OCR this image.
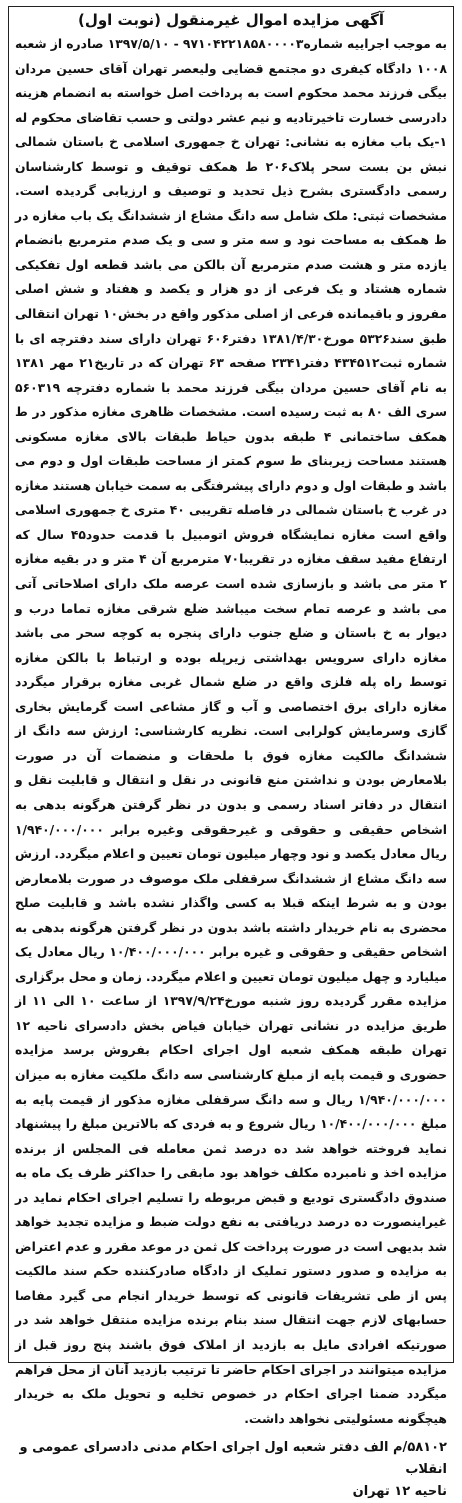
آگهی مزایده اموال غیرمنقول (نوبت اول)

به موجب اجراییه شماره۹۷۱۰۴۲۲۱۸۵۸۰۰۰۰۳ - ۱۳۹۷/۵/۱۰ صادره از شعبه ۱۰۰۸ دادگاه کیفری دو مجتمع قضایی ولیعصر تهران آقای حسین مردان بیگی فرزند محمد محکوم است به پرداخت اصل خواسته به انضمام هزینه دادرسی خسارت تاخیرتادیه و نیم عشر دولتی و حسب تقاضای محکوم له ۱-یک باب مغازه به نشانی: تهران خ جمهوری اسلامی خ باستان شمالی نبش بن بست سحر پلاک۲۰۶ ط همکف توقیف و توسط کارشناسان رسمی دادگستری بشرح ذیل تحدید و توصیف و ارزیابی گردیده است. مشخصات ثبتی: ملک شامل سه دانگ مشاع از ششدانگ یک باب مغازه در ط همکف به مساحت نود و سه متر و سی و یک صدم مترمربع بانضمام یازده متر و هشت صدم مترمربع آن بالکن می باشد قطعه اول تفکیکی شماره هشتاد و یک فرعی از دو هزار و یکصد و هفتاد و شش اصلی مفروز و باقیمانده فرعی از اصلی مذکور واقع در بخش۱۰ تهران انتقالی طبق سند۵۳۲۶ مورخ۱۳۸۱/۴/۳۰ دفتر۶۰۶ تهران دارای سند دفترچه ای با شماره ثبت۴۳۴۵۱۲ دفتر۲۳۴۱ صفحه ۶۳ تهران که در تاریخ۲۱ مهر ۱۳۸۱ به نام آقای حسین مردان بیگی فرزند محمد با شماره دفترچه ۵۶۰۳۱۹ سری الف ۸۰ به ثبت رسیده است. مشخصات ظاهری مغازه مذکور در ط همکف ساختمانی ۴ طبقه بدون حیاط طبقات بالای مغازه مسکونی هستند مساحت زیربنای ط سوم کمتر از مساحت طبقات اول و دوم می باشد و طبقات اول و دوم دارای پیشرفتگی به سمت خیابان هستند مغازه در غرب خ باستان شمالی در فاصله تقریبی ۴۰ متری خ جمهوری اسلامی واقع است مغازه نمایشگاه فروش اتومبیل با قدمت حدود۴۵ سال که ارتفاع مفید سقف مغازه در تقریبا۷۰ مترمربع آن ۴ متر و در بقیه مغازه ۲ متر می باشد و بازسازی شده است عرصه ملک دارای اصلاحاتی آتی می باشد و عرصه تمام سخت میباشد ضلع شرقی مغازه تماما درب و دیوار به خ باستان و ضلع جنوب دارای پنجره به کوچه سحر می باشد مغازه دارای سرویس بهداشتی زیرپله بوده و ارتباط با بالکن مغازه توسط راه پله فلزی واقع در ضلع شمال غربی مغازه برقرار میگردد مغازه دارای برق اختصاصی و آب و گاز مشاعی است گرمایش بخاری گازی وسرمایش کولرابی است. نظریه کارشناسی: ارزش سه دانگ از ششدانگ مالکیت مغازه فوق با ملحقات و منضمات آن در صورت بلامعارض بودن و نداشتن منع قانونی در نقل و انتقال و قابلیت نقل و انتقال در دفاتر اسناد رسمی و بدون در نظر گرفتن هرگونه بدهی به اشخاص حقیقی و حقوقی و غیرحقوقی وغیره برابر ۱/۹۴۰/۰۰۰/۰۰۰ ریال معادل یکصد و نود وچهار میلیون تومان تعیین و اعلام میگردد. ارزش سه دانگ مشاع از ششدانگ سرقفلی ملک موصوف در صورت بلامعارض بودن و به شرط اینکه قبلا به کسی واگذار نشده باشد و قابلیت صلح محضری به نام خریدار داشته باشد بدون در نظر گرفتن هرگونه بدهی به اشخاص حقیقی و حقوقی و غیره برابر ۱۰/۴۰۰/۰۰۰/۰۰۰ ریال معادل یک میلیارد و چهل میلیون تومان تعیین و اعلام میگردد. زمان و محل برگزاری مزایده مقرر گردیده روز شنبه مورخ۱۳۹۷/۹/۲۴ از ساعت ۱۰ الی ۱۱ از طریق مزایده در نشانی تهران خیابان فیاض بخش دادسرای ناحیه ۱۲ تهران طبقه همکف شعبه اول اجرای احکام بفروش برسد مزایده حضوری و قیمت پایه از مبلغ کارشناسی سه دانگ ملکیت مغازه به میزان ۱/۹۴۰/۰۰۰/۰۰۰ ریال و سه دانگ سرقفلی مغازه مذکور از قیمت پایه به مبلغ ۱۰/۴۰۰/۰۰۰/۰۰۰ ریال شروع و به فردی که بالاترین مبلغ را پیشنهاد نماید فروخته خواهد شد ده درصد ثمن معامله فی المجلس از برنده مزایده اخذ و نامبرده مکلف خواهد بود مابقی را حداکثر ظرف یک ماه به صندوق دادگستری تودیع و قبض مربوطه را تسلیم اجرای احکام نماید در غیراینصورت ده درصد دریافتی به نفع دولت ضبط و مزایده تجدید خواهد شد بدیهی است در صورت پرداخت کل ثمن در موعد مقرر و عدم اعتراض به مزایده و صدور دستور تملیک از دادگاه صادرکننده حکم سند مالکیت پس از طی تشریفات قانونی که توسط خریدار انجام می گیرد مفاصا حسابهای لازم جهت انتقال سند بنام برنده مزایده منتقل خواهد شد در صورتیکه افرادی مایل به بازدید از املاک فوق باشند پنج روز قبل از مزایده میتوانند در اجرای احکام حاضر تا ترتیب بازدید آنان از محل فراهم میگردد ضمنا اجرای احکام در خصوص تخلیه و تحویل ملک به خریدار هیچگونه مسئولیتی نخواهد داشت.

۵۸۱۰۲/م الف دفتر شعبه اول اجرای احکام مدنی دادسرای عمومی و انقلاب
ناحیه ۱۲ تهران
